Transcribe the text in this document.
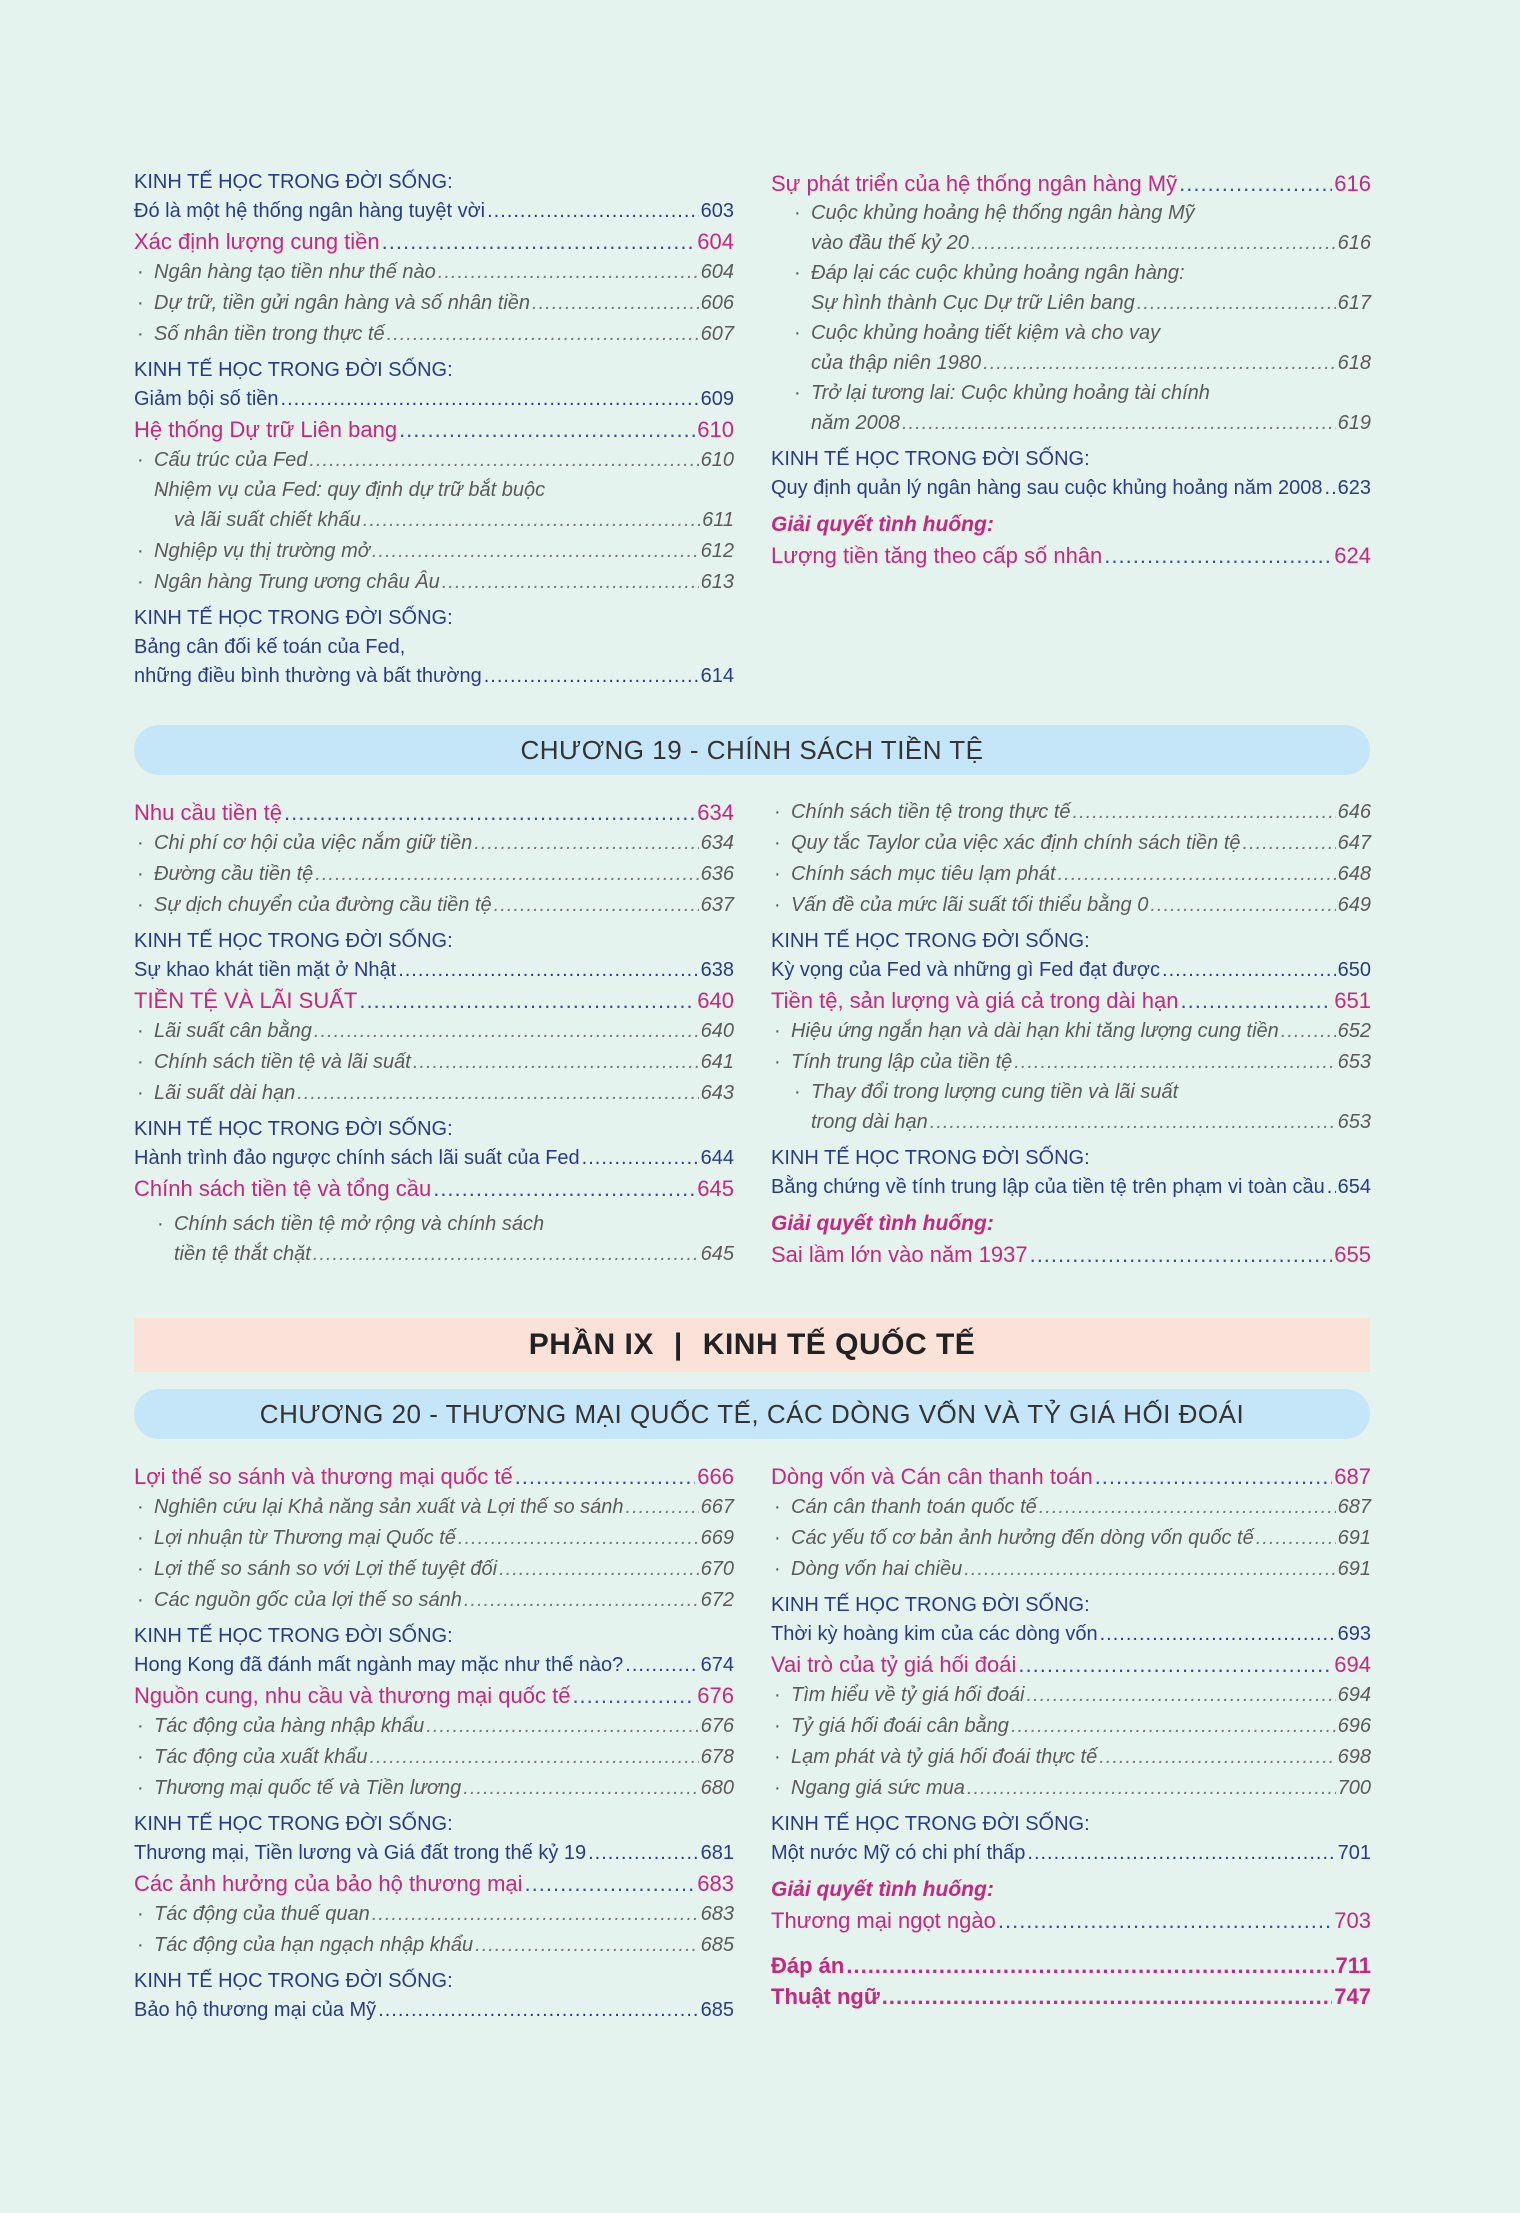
KINH TẾ HỌC TRONG ĐỜI SỐNG:
Đó là một hệ thống ngân hàng tuyệt vời .....	603
Xác định lượng cung tiền .....	604
· Ngân hàng tạo tiền như thế nào .....	604
· Dự trữ, tiền gửi ngân hàng và số nhân tiền .....	606
· Số nhân tiền trong thực tế .....	607
KINH TẾ HỌC TRONG ĐỜI SỐNG:
Giảm bội số tiền .....	609
Hệ thống Dự trữ Liên bang .....	610
· Cấu trúc của Fed .....	610
· Nhiệm vụ của Fed: quy định dự trữ bắt buộc
và lãi suất chiết khấu .....	611
· Nghiệp vụ thị trường mở .....	612
· Ngân hàng Trung ương châu Âu .....	613
KINH TẾ HỌC TRONG ĐỜI SỐNG:
Bảng cân đối kế toán của Fed,
những điều bình thường và bất thường .....	614
Sự phát triển của hệ thống ngân hàng Mỹ .....	616
· Cuộc khủng hoảng hệ thống ngân hàng Mỹ
vào đầu thế kỷ 20 .....	616
· Đáp lại các cuộc khủng hoảng ngân hàng:
Sự hình thành Cục Dự trữ Liên bang .....	617
· Cuộc khủng hoảng tiết kiệm và cho vay
của thập niên 1980 .....	618
· Trở lại tương lai: Cuộc khủng hoảng tài chính
năm 2008 .....	619
KINH TẾ HỌC TRONG ĐỜI SỐNG:
Quy định quản lý ngân hàng sau cuộc khủng hoảng năm 2008 ..... 623
Giải quyết tình huống:
Lượng tiền tăng theo cấp số nhân .....	624
CHƯƠNG 19 - CHÍNH SÁCH TIỀN TỆ
Nhu cầu tiền tệ .....	634
· Chi phí cơ hội của việc nắm giữ tiền .....	634
· Đường cầu tiền tệ .....	636
· Sự dịch chuyển của đường cầu tiền tệ .....	637
KINH TẾ HỌC TRONG ĐỜI SỐNG:
Sự khao khát tiền mặt ở Nhật .....	638
TIỀN TỆ VÀ LÃI SUẤT .....	640
· Lãi suất cân bằng .....	640
· Chính sách tiền tệ và lãi suất .....	641
· Lãi suất dài hạn .....	643
KINH TẾ HỌC TRONG ĐỜI SỐNG:
Hành trình đảo ngược chính sách lãi suất của Fed .....	644
Chính sách tiền tệ và tổng cầu .....	645
· Chính sách tiền tệ mở rộng và chính sách
tiền tệ thắt chặt .....	645
· Chính sách tiền tệ trong thực tế .....	646
· Quy tắc Taylor của việc xác định chính sách tiền tệ .....	647
· Chính sách mục tiêu lạm phát .....	648
· Vấn đề của mức lãi suất tối thiểu bằng 0 .....	649
KINH TẾ HỌC TRONG ĐỜI SỐNG:
Kỳ vọng của Fed và những gì Fed đạt được .....	650
Tiền tệ, sản lượng và giá cả trong dài hạn .....	651
· Hiệu ứng ngắn hạn và dài hạn khi tăng lượng cung tiền .....	652
· Tính trung lập của tiền tệ .....	653
· Thay đổi trong lượng cung tiền và lãi suất
trong dài hạn .....	653
KINH TẾ HỌC TRONG ĐỜI SỐNG:
Bằng chứng về tính trung lập của tiền tệ trên phạm vi toàn cầu ..... 654
Giải quyết tình huống:
Sai lầm lớn vào năm 1937 .....	655
PHẦN IX | KINH TẾ QUỐC TẾ
CHƯƠNG 20 - THƯƠNG MẠI QUỐC TẾ, CÁC DÒNG VỐN VÀ TỶ GIÁ HỐI ĐOÁI
Lợi thế so sánh và thương mại quốc tế .....	666
· Nghiên cứu lại Khả năng sản xuất và Lợi thế so sánh .....	667
· Lợi nhuận từ Thương mại Quốc tế .....	669
· Lợi thế so sánh so với Lợi thế tuyệt đối .....	670
· Các nguồn gốc của lợi thế so sánh .....	672
KINH TẾ HỌC TRONG ĐỜI SỐNG:
Hong Kong đã đánh mất ngành may mặc như thế nào? .....	674
Nguồn cung, nhu cầu và thương mại quốc tế .....	676
· Tác động của hàng nhập khẩu .....	676
· Tác động của xuất khẩu .....	678
· Thương mại quốc tế và Tiền lương .....	680
KINH TẾ HỌC TRONG ĐỜI SỐNG:
Thương mại, Tiền lương và Giá đất trong thế kỷ 19 .....	681
Các ảnh hưởng của bảo hộ thương mại .....	683
· Tác động của thuế quan .....	683
· Tác động của hạn ngạch nhập khẩu .....	685
KINH TẾ HỌC TRONG ĐỜI SỐNG:
Bảo hộ thương mại của Mỹ .....	685
Dòng vốn và Cán cân thanh toán .....	687
· Cán cân thanh toán quốc tế .....	687
· Các yếu tố cơ bản ảnh hưởng đến dòng vốn quốc tế .....	691
· Dòng vốn hai chiều .....	691
KINH TẾ HỌC TRONG ĐỜI SỐNG:
Thời kỳ hoàng kim của các dòng vốn .....	693
Vai trò của tỷ giá hối đoái .....	694
· Tìm hiểu về tỷ giá hối đoái .....	694
· Tỷ giá hối đoái cân bằng .....	696
· Lạm phát và tỷ giá hối đoái thực tế .....	698
· Ngang giá sức mua .....	700
KINH TẾ HỌC TRONG ĐỜI SỐNG:
Một nước Mỹ có chi phí thấp .....	701
Giải quyết tình huống:
Thương mại ngọt ngào .....	703
Đáp án .....	711
Thuật ngữ .....	747
